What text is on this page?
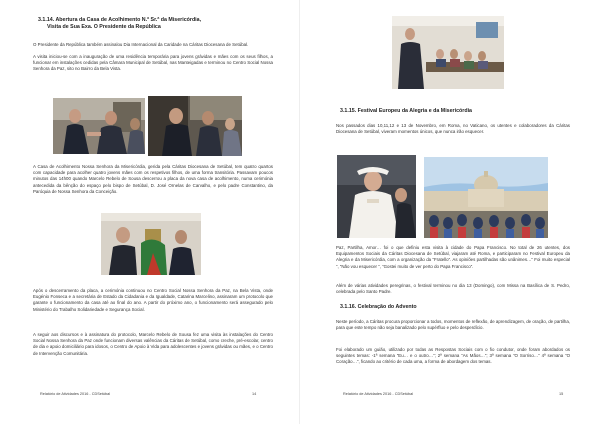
3.1.14. Abertura da Casa de Acolhimento N.ª Sr.ª da Misericórdia,
Visita de Sua Exa. O Presidente da República

O Presidente da República também assinalou Dia Internacional da Caridade na Cáritas Diocesana de Setúbal.

A visita iniciou-se com a inauguração de uma residência temporária para jovens grávidas e mães com os seus filhos, a funcionar em instalações cedidas pela Câmara Municipal de Setúbal, nas Manteigadas e terminou no Centro Social Nossa Senhora da Paz, sito no Bairro da Bela Vista.

A Casa de Acolhimento Nossa Senhora da Misericórdia, gerida pela Cáritas Diocesana de Setúbal, tem quatro quartos com capacidade para acolher quatro jovens mães com os respetivos filhos, de uma forma transitória. Passavam poucos minutos das 14h00 quando Marcelo Rebelo de Sousa descerrou a placa da nova casa de acolhimento, numa cerimónia antecedida da bênção do espaço pelo bispo de Setúbal, D. José Ornelas de Carvalho, e pelo padre Constantino, da Paróquia de Nossa Senhora da Conceição.

Após o descerramento da placa, a cerimónia continuou no Centro Social Nossa Senhora da Paz, na Bela Vista, onde Eugénio Fonseca e a secretária de Estado da Cidadania e da Igualdade, Catarina Marcelino, assinaram um protocolo que garante o funcionamento da casa até ao final do ano. A partir do próximo ano, o funcionamento será assegurado pelo Ministério do Trabalho Solidariedade e Segurança Social.

A seguir aos discursos e à assinatura do protocolo, Marcelo Rebelo de Sousa fez uma visita às instalações do Centro Social Nossa Senhora da Paz onde funcionam diversas valências da Cáritas de Setúbal, como creche, pré-escolar, centro de dia e apoio domiciliário para idosos, o Centro de Apoio à Vida para adolescentes e jovens grávidas ou mães, e o Centro de Intervenção Comunitária.

Relatório de Atividades 2016 - CDSetúbal	14
3.1.15. Festival Europeu da Alegria e da Misericórdia

Nos passados dias 10,11,12 e 13 de Novembro, em Roma, no Vaticano, os utentes e colaboradores da Cáritas Diocesana de Setúbal, viveram momentos únicos, que nunca irão esquecer.

Paz, Partilha, Amor… foi o que definiu esta visita à cidade do Papa Francisco. No total de 26 utentes, dos Equipamentos Sociais da Cáritas Diocesana de Setúbal, viajaram até Roma, e participaram no Festival Europeu da Alegria e da Misericórdia, com a organização da “Fratello”. As opiniões partilhadas são unânimes…” Foi muito especial ”, “Não vou esquecer ”, “Gostei muito de ver perto do Papa Francisco”.

Além de várias atividades peregrinas, o festival terminou no dia 13 (Domingo), com Missa na Basílica de S. Pedro, celebrada pelo Santo Padre.

3.1.16. Celebração do Advento

Neste período, a Cáritas procura proporcionar a todos, momentos de reflexão, de aprendizagem, de oração, de partilha, para que este tempo não seja banalizado pelo supérfluo e pelo desperdício.

Foi elaborado um guião, utilizado por todas as Respostas Sociais com o fio condutor, onde foram abordados os seguintes temas: -1ª semana “Eu… e o outro…”; 2ª semana “As Mãos…”; 3ª semana “O Sorriso…” 4ª semana “O Coração…”, ficando ao critério de cada uma, a forma de abordagem dos temas.

Relatório de Atividades 2016 - CDSetúbal	15
